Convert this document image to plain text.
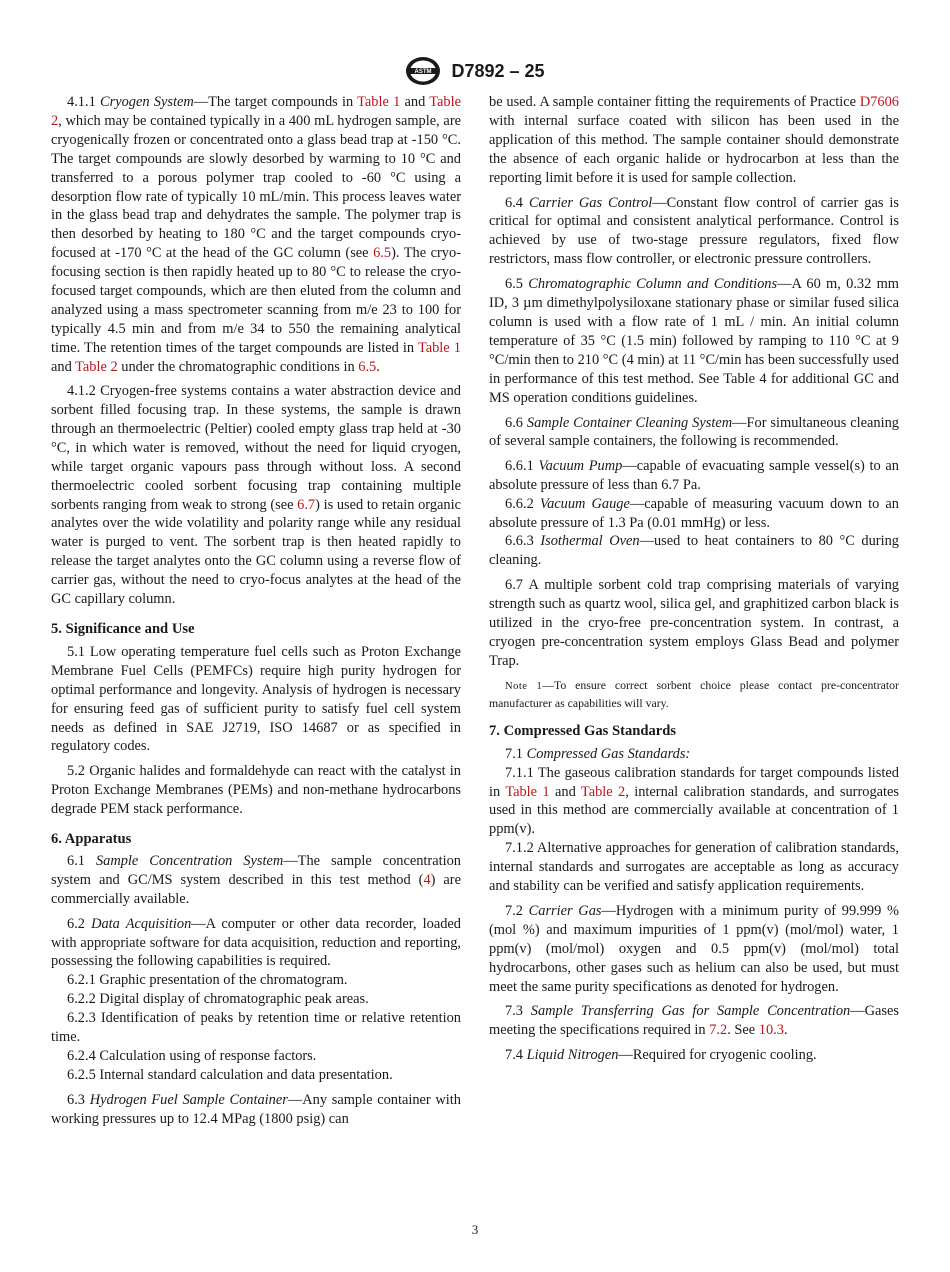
ASTM D7892 – 25

4.1.1 Cryogen System—The target compounds in Table 1 and Table 2, which may be contained typically in a 400 mL hydrogen sample, are cryogenically frozen or concentrated onto a glass bead trap at -150 °C. The target compounds are slowly desorbed by warming to 10 °C and transferred to a porous polymer trap cooled to -60 °C using a desorption flow rate of typically 10 mL/min. This process leaves water in the glass bead trap and dehydrates the sample. The polymer trap is then desorbed by heating to 180 °C and the target compounds cryo-focused at -170 °C at the head of the GC column (see 6.5). The cryo-focusing section is then rapidly heated up to 80 °C to release the cryo-focused target compounds, which are then eluted from the column and analyzed using a mass spectrometer scanning from m/e 23 to 100 for typically 4.5 min and from m/e 34 to 550 the remaining analytical time. The retention times of the target compounds are listed in Table 1 and Table 2 under the chromatographic conditions in 6.5.

4.1.2 Cryogen-free systems contains a water abstraction device and sorbent filled focusing trap. In these systems, the sample is drawn through an thermoelectric (Peltier) cooled empty glass trap held at -30 °C, in which water is removed, without the need for liquid cryogen, while target organic vapours pass through without loss. A second thermoelectric cooled sorbent focusing trap containing multiple sorbents ranging from weak to strong (see 6.7) is used to retain organic analytes over the wide volatility and polarity range while any residual water is purged to vent. The sorbent trap is then heated rapidly to release the target analytes onto the GC column using a reverse flow of carrier gas, without the need to cryo-focus analytes at the head of the GC capillary column.

5. Significance and Use

5.1 Low operating temperature fuel cells such as Proton Exchange Membrane Fuel Cells (PEMFCs) require high purity hydrogen for optimal performance and longevity. Analysis of hydrogen is necessary for ensuring feed gas of sufficient purity to satisfy fuel cell system needs as defined in SAE J2719, ISO 14687 or as specified in regulatory codes.

5.2 Organic halides and formaldehyde can react with the catalyst in Proton Exchange Membranes (PEMs) and non-methane hydrocarbons degrade PEM stack performance.

6. Apparatus

6.1 Sample Concentration System—The sample concentration system and GC/MS system described in this test method (4) are commercially available.

6.2 Data Acquisition—A computer or other data recorder, loaded with appropriate software for data acquisition, reduction and reporting, possessing the following capabilities is required.

6.2.1 Graphic presentation of the chromatogram.

6.2.2 Digital display of chromatographic peak areas.

6.2.3 Identification of peaks by retention time or relative retention time.

6.2.4 Calculation using of response factors.

6.2.5 Internal standard calculation and data presentation.

6.3 Hydrogen Fuel Sample Container—Any sample container with working pressures up to 12.4 MPag (1800 psig) can

be used. A sample container fitting the requirements of Practice D7606 with internal surface coated with silicon has been used in the application of this method. The sample container should demonstrate the absence of each organic halide or hydrocarbon at less than the reporting limit before it is used for sample collection.

6.4 Carrier Gas Control—Constant flow control of carrier gas is critical for optimal and consistent analytical performance. Control is achieved by use of two-stage pressure regulators, fixed flow restrictors, mass flow controller, or electronic pressure controllers.

6.5 Chromatographic Column and Conditions—A 60 m, 0.32 mm ID, 3 µm dimethylpolysiloxane stationary phase or similar fused silica column is used with a flow rate of 1 mL / min. An initial column temperature of 35 °C (1.5 min) followed by ramping to 110 °C at 9 °C/min then to 210 °C (4 min) at 11 °C/min has been successfully used in performance of this test method. See Table 4 for additional GC and MS operation conditions guidelines.

6.6 Sample Container Cleaning System—For simultaneous cleaning of several sample containers, the following is recommended.

6.6.1 Vacuum Pump—capable of evacuating sample vessel(s) to an absolute pressure of less than 6.7 Pa.

6.6.2 Vacuum Gauge—capable of measuring vacuum down to an absolute pressure of 1.3 Pa (0.01 mmHg) or less.

6.6.3 Isothermal Oven—used to heat containers to 80 °C during cleaning.

6.7 A multiple sorbent cold trap comprising materials of varying strength such as quartz wool, silica gel, and graphitized carbon black is utilized in the cryo-free pre-concentration system. In contrast, a cryogen pre-concentration system employs Glass Bead and polymer Trap.

Note 1—To ensure correct sorbent choice please contact pre-concentrator manufacturer as capabilities will vary.

7. Compressed Gas Standards

7.1 Compressed Gas Standards:

7.1.1 The gaseous calibration standards for target compounds listed in Table 1 and Table 2, internal calibration standards, and surrogates used in this method are commercially available at concentration of 1 ppm(v).

7.1.2 Alternative approaches for generation of calibration standards, internal standards and surrogates are acceptable as long as accuracy and stability can be verified and satisfy application requirements.

7.2 Carrier Gas—Hydrogen with a minimum purity of 99.999 % (mol %) and maximum impurities of 1 ppm(v) (mol/mol) water, 1 ppm(v) (mol/mol) oxygen and 0.5 ppm(v) (mol/mol) total hydrocarbons, other gases such as helium can also be used, but must meet the same purity specifications as denoted for hydrogen.

7.3 Sample Transferring Gas for Sample Concentration—Gases meeting the specifications required in 7.2. See 10.3.

7.4 Liquid Nitrogen—Required for cryogenic cooling.

3
